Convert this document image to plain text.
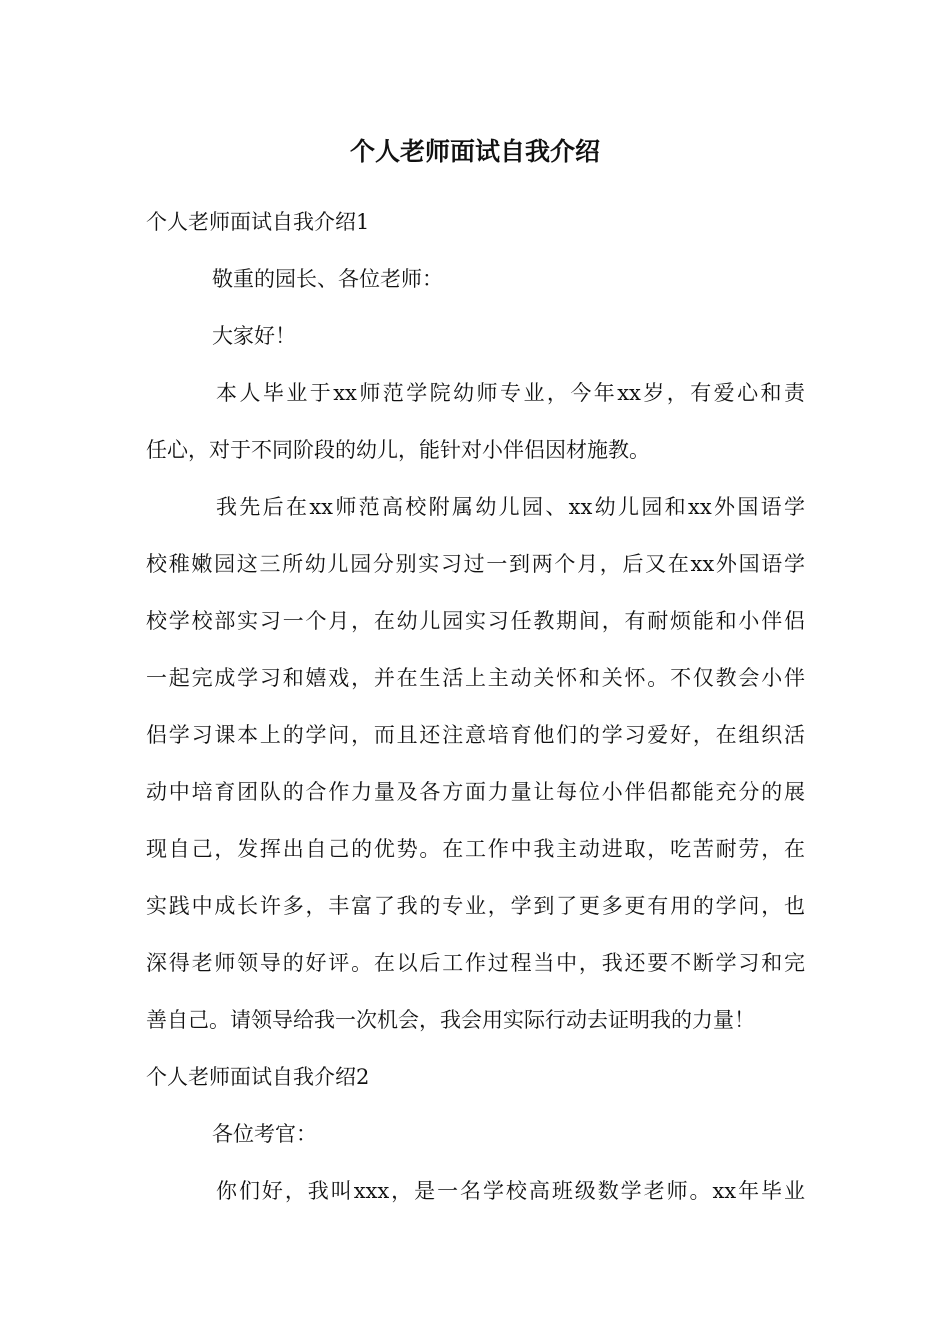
个人老师面试自我介绍
个人老师面试自我介绍1
敬重的园长、各位老师：
大家好！
本人毕业于xx师范学院幼师专业，今年xx岁，有爱心和责
任心，对于不同阶段的幼儿，能针对小伴侣因材施教。
我先后在xx师范高校附属幼儿园、xx幼儿园和xx外国语学
校稚嫩园这三所幼儿园分别实习过一到两个月，后又在xx外国语学
校学校部实习一个月，在幼儿园实习任教期间，有耐烦能和小伴侣
一起完成学习和嬉戏，并在生活上主动关怀和关怀。不仅教会小伴
侣学习课本上的学问，而且还注意培育他们的学习爱好，在组织活
动中培育团队的合作力量及各方面力量让每位小伴侣都能充分的展
现自己，发挥出自己的优势。在工作中我主动进取，吃苦耐劳，在
实践中成长许多，丰富了我的专业，学到了更多更有用的学问，也
深得老师领导的好评。在以后工作过程当中，我还要不断学习和完
善自己。请领导给我一次机会，我会用实际行动去证明我的力量！
个人老师面试自我介绍2
各位考官：
你们好，我叫xxx，是一名学校高班级数学老师。xx年毕业
